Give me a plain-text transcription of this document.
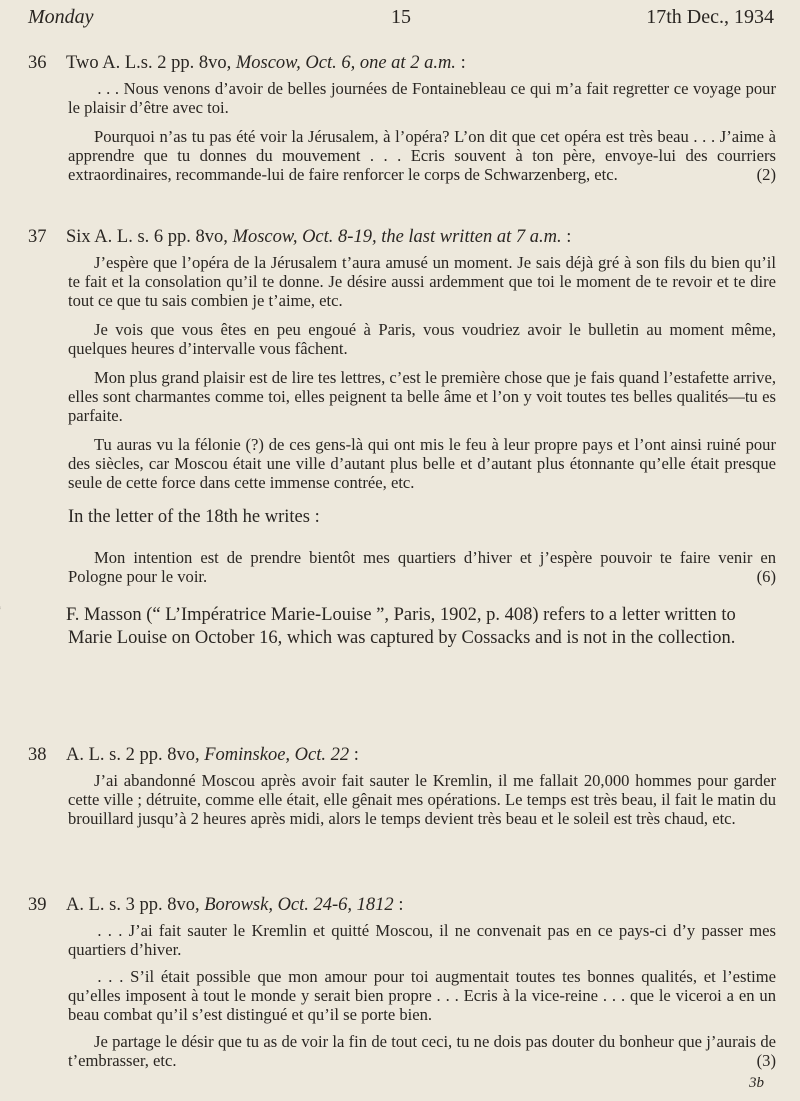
Monday	15	17th Dec., 1934
36 Two A. L.s. 2 pp. 8vo, Moscow, Oct. 6, one at 2 a.m. :

 . . . Nous venons d’avoir de belles journées de Fontainebleau ce qui m’a fait regretter ce voyage pour le plaisir d’être avec toi.

Pourquoi n’as tu pas été voir la Jérusalem, à l’opéra? L’on dit que cet opéra est très beau . . . J’aime à apprendre que tu donnes du mouvement . . . Ecris souvent à ton père, envoye-lui des courriers extraordinaires, recommande-lui de faire renforcer le corps de Schwarzenberg, etc.	(2)

37 Six A. L. s. 6 pp. 8vo, Moscow, Oct. 8-19, the last written at 7 a.m. :

J’espère que l’opéra de la Jérusalem t’aura amusé un moment. Je sais déjà gré à son fils du bien qu’il te fait et la consolation qu’il te donne. Je désire aussi ardemment que toi le moment de te revoir et te dire tout ce que tu sais combien je t’aime, etc.

Je vois que vous êtes en peu engoué à Paris, vous voudriez avoir le bulletin au moment même, quelques heures d’intervalle vous fâchent.

Mon plus grand plaisir est de lire tes lettres, c’est le première chose que je fais quand l’estafette arrive, elles sont charmantes comme toi, elles peignent ta belle âme et l’on y voit toutes tes belles qualités—tu es parfaite.

Tu auras vu la félonie (?) de ces gens-là qui ont mis le feu à leur propre pays et l’ont ainsi ruiné pour des siècles, car Moscou était une ville d’autant plus belle et d’autant plus étonnante qu’elle était presque seule de cette force dans cette immense contrée, etc.

In the letter of the 18th he writes :

Mon intention est de prendre bientôt mes quartiers d’hiver et j’espère pouvoir te faire venir en Pologne pour le voir.	(6)

F. Masson (“ L’Impératrice Marie-Louise ”, Paris, 1902, p. 408) refers to a letter written to Marie Louise on October 16, which was captured by Cossacks and is not in the collection.
38 A. L. s. 2 pp. 8vo, Fominskoe, Oct. 22 :

J’ai abandonné Moscou après avoir fait sauter le Kremlin, il me fallait 20,000 hommes pour garder cette ville ; détruite, comme elle était, elle gênait mes opérations. Le temps est très beau, il fait le matin du brouillard jusqu’à 2 heures après midi, alors le temps devient très beau et le soleil est très chaud, etc.

39 A. L. s. 3 pp. 8vo, Borowsk, Oct. 24-6, 1812 :

 . . . J’ai fait sauter le Kremlin et quitté Moscou, il ne convenait pas en ce pays-ci d’y passer mes quartiers d’hiver.

 . . . S’il était possible que mon amour pour toi augmentait toutes tes bonnes qualités, et l’estime qu’elles imposent à tout le monde y serait bien propre . . . Ecris à la vice-reine . . . que le viceroi a en un beau combat qu’il s’est distingué et qu’il se porte bien.

Je partage le désir que tu as de voir la fin de tout ceci, tu ne dois pas douter du bonheur que j’aurais de t’embrasser, etc.	(3)

3b
